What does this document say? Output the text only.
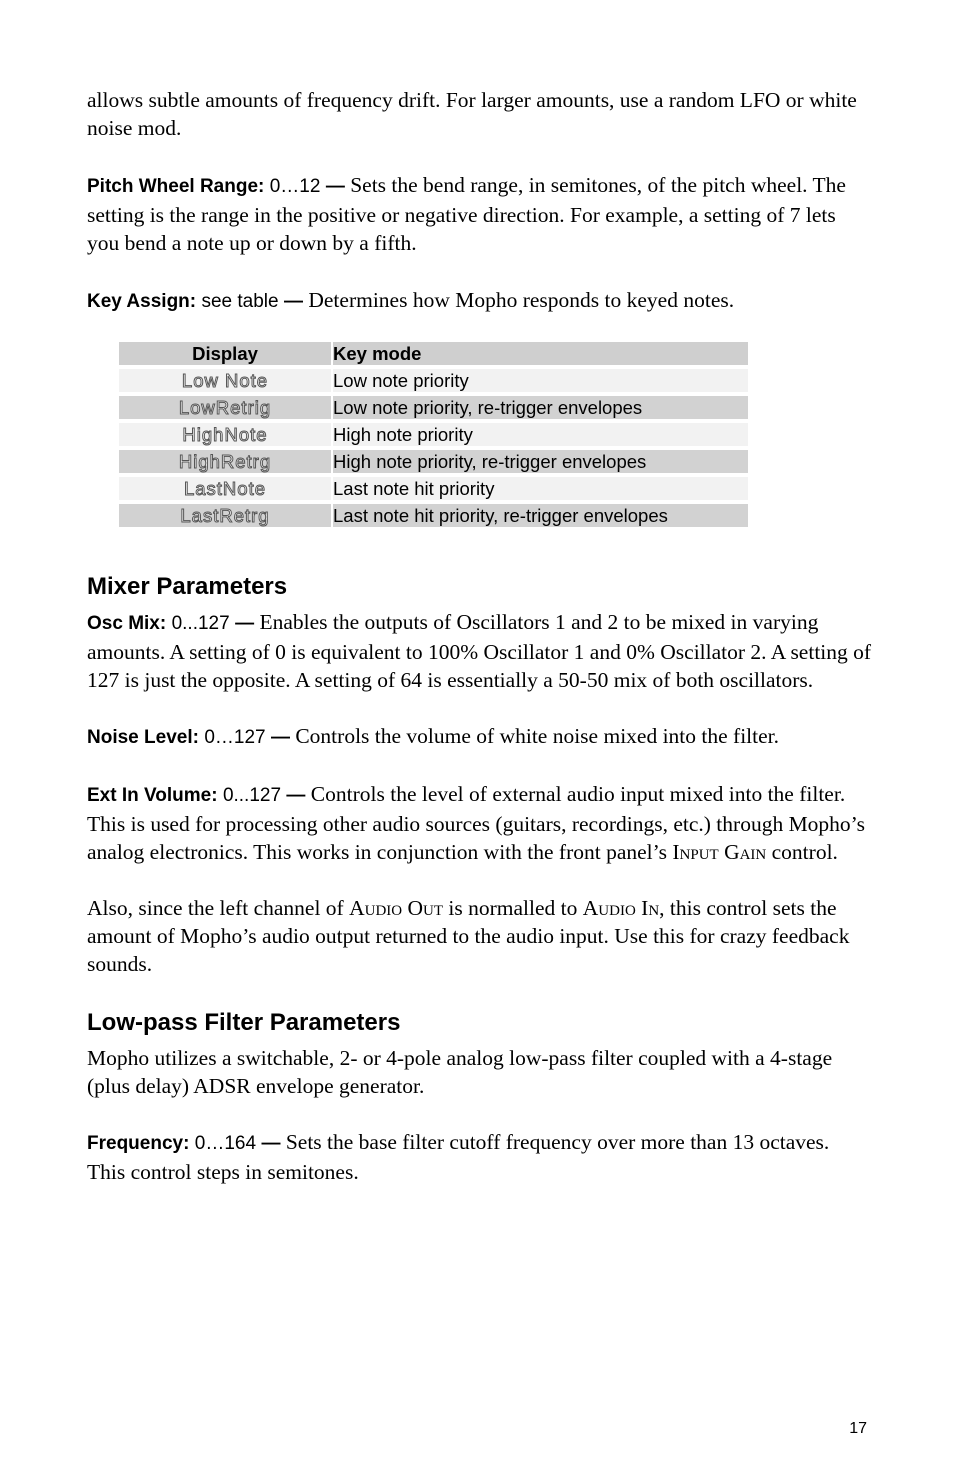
allows subtle amounts of frequency drift. For larger amounts, use a random LFO or white noise mod.

Pitch Wheel Range: 0…12 — Sets the bend range, in semitones, of the pitch wheel. The setting is the range in the positive or negative direction. For example, a setting of 7 lets you bend a note up or down by a fifth.

Key Assign: see table — Determines how Mopho responds to keyed notes.

Display	Key mode
Low Note	Low note priority
LowRetrig	Low note priority, re-trigger envelopes
HighNote	High note priority
HighRetrg	High note priority, re-trigger envelopes
LastNote	Last note hit priority
LastRetrg	Last note hit priority, re-trigger envelopes
Mixer Parameters

Osc Mix: 0...127 — Enables the outputs of Oscillators 1 and 2 to be mixed in varying amounts. A setting of 0 is equivalent to 100% Oscillator 1 and 0% Oscillator 2. A setting of 127 is just the opposite. A setting of 64 is essentially a 50-50 mix of both oscillators.

Noise Level: 0…127 — Controls the volume of white noise mixed into the filter.

Ext In Volume: 0...127 — Controls the level of external audio input mixed into the filter. This is used for processing other audio sources (guitars, recordings, etc.) through Mopho’s analog electronics. This works in conjunction with the front panel’s Input Gain control.

Also, since the left channel of Audio Out is normalled to Audio In, this control sets the amount of Mopho’s audio output returned to the audio input. Use this for crazy feedback sounds.

Low-pass Filter Parameters

Mopho utilizes a switchable, 2- or 4-pole analog low-pass filter coupled with a 4-stage (plus delay) ADSR envelope generator.

Frequency: 0…164 — Sets the base filter cutoff frequency over more than 13 octaves. This control steps in semitones.

17
